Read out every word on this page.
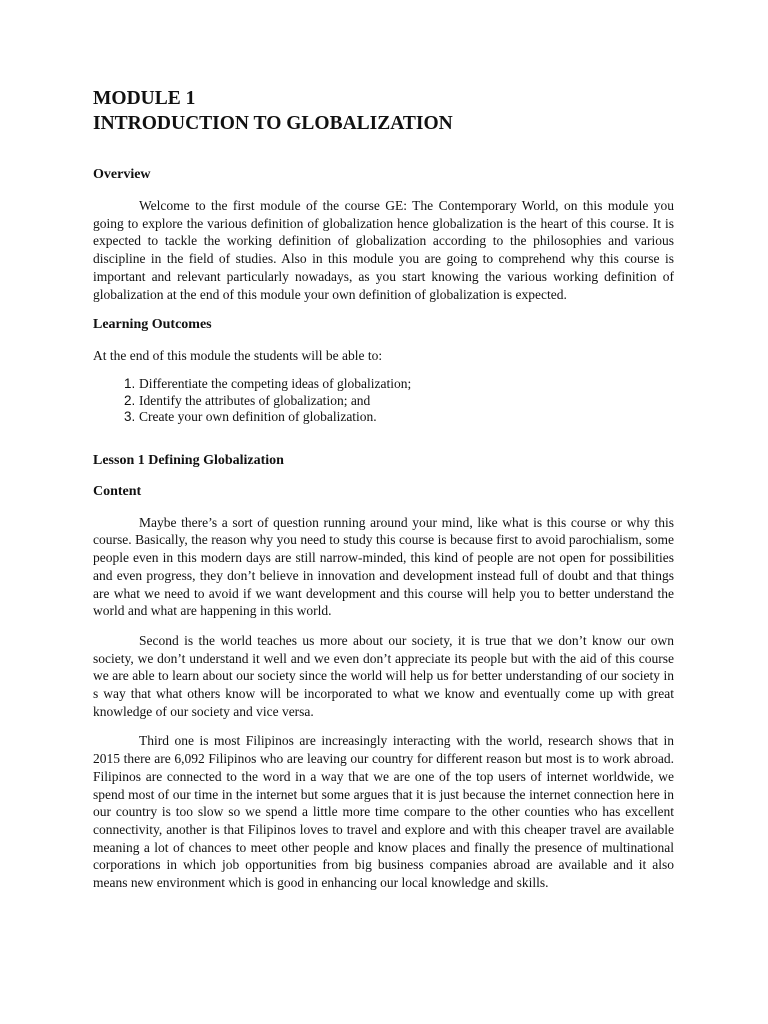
MODULE 1
INTRODUCTION TO GLOBALIZATION
Overview

Welcome to the first module of the course GE: The Contemporary World, on this module you going to explore the various definition of globalization hence globalization is the heart of this course. It is expected to tackle the working definition of globalization according to the philosophies and various discipline in the field of studies. Also in this module you are going to comprehend why this course is important and relevant particularly nowadays, as you start knowing the various working definition of globalization at the end of this module your own definition of globalization is expected.

Learning Outcomes

At the end of this module the students will be able to:

1. Differentiate the competing ideas of globalization;
2. Identify the attributes of globalization; and
3. Create your own definition of globalization.
Lesson 1 Defining Globalization
Content

Maybe there’s a sort of question running around your mind, like what is this course or why this course. Basically, the reason why you need to study this course is because first to avoid parochialism, some people even in this modern days are still narrow-minded, this kind of people are not open for possibilities and even progress, they don’t believe in innovation and development instead full of doubt and that things are what we need to avoid if we want development and this course will help you to better understand the world and what are happening in this world.

Second is the world teaches us more about our society, it is true that we don’t know our own society, we don’t understand it well and we even don’t appreciate its people but with the aid of this course we are able to learn about our society since the world will help us for better understanding of our society in s way that what others know will be incorporated to what we know and eventually come up with great knowledge of our society and vice versa.

Third one is most Filipinos are increasingly interacting with the world, research shows that in 2015 there are 6,092 Filipinos who are leaving our country for different reason but most is to work abroad. Filipinos are connected to the word in a way that we are one of the top users of internet worldwide, we spend most of our time in the internet but some argues that it is just because the internet connection here in our country is too slow so we spend a little more time compare to the other counties who has excellent connectivity, another is that Filipinos loves to travel and explore and with this cheaper travel are available meaning a lot of chances to meet other people and know places and finally the presence of multinational corporations in which job opportunities from big business companies abroad are available and it also means new environment which is good in enhancing our local knowledge and skills.
